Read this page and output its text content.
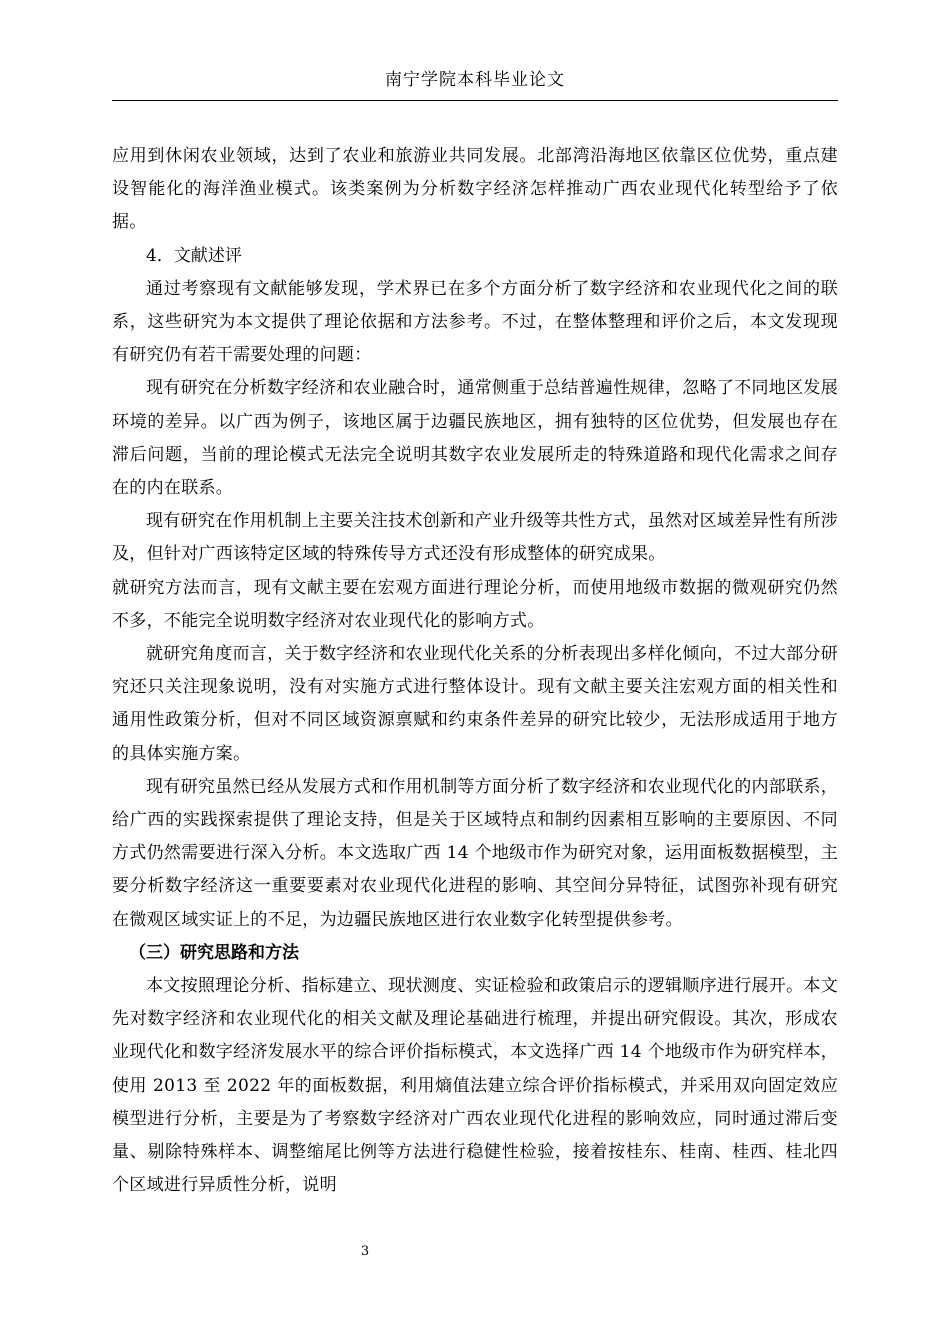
南宁学院本科毕业论文

应用到休闲农业领域，达到了农业和旅游业共同发展。北部湾沿海地区依靠区位优势，重点建设智能化的海洋渔业模式。该类案例为分析数字经济怎样推动广西农业现代化转型给予了依据。

4．文献述评

通过考察现有文献能够发现，学术界已在多个方面分析了数字经济和农业现代化之间的联系，这些研究为本文提供了理论依据和方法参考。不过，在整体整理和评价之后，本文发现现有研究仍有若干需要处理的问题：

现有研究在分析数字经济和农业融合时，通常侧重于总结普遍性规律，忽略了不同地区发展环境的差异。以广西为例子，该地区属于边疆民族地区，拥有独特的区位优势，但发展也存在滞后问题，当前的理论模式无法完全说明其数字农业发展所走的特殊道路和现代化需求之间存在的内在联系。

现有研究在作用机制上主要关注技术创新和产业升级等共性方式，虽然对区域差异性有所涉及，但针对广西该特定区域的特殊传导方式还没有形成整体的研究成果。

就研究方法而言，现有文献主要在宏观方面进行理论分析，而使用地级市数据的微观研究仍然不多，不能完全说明数字经济对农业现代化的影响方式。

就研究角度而言，关于数字经济和农业现代化关系的分析表现出多样化倾向，不过大部分研究还只关注现象说明，没有对实施方式进行整体设计。现有文献主要关注宏观方面的相关性和通用性政策分析，但对不同区域资源禀赋和约束条件差异的研究比较少，无法形成适用于地方的具体实施方案。

现有研究虽然已经从发展方式和作用机制等方面分析了数字经济和农业现代化的内部联系，给广西的实践探索提供了理论支持，但是关于区域特点和制约因素相互影响的主要原因、不同方式仍然需要进行深入分析。本文选取广西 14 个地级市作为研究对象，运用面板数据模型，主要分析数字经济这一重要要素对农业现代化进程的影响、其空间分异特征，试图弥补现有研究在微观区域实证上的不足，为边疆民族地区进行农业数字化转型提供参考。

（三）研究思路和方法

本文按照理论分析、指标建立、现状测度、实证检验和政策启示的逻辑顺序进行展开。本文先对数字经济和农业现代化的相关文献及理论基础进行梳理，并提出研究假设。其次，形成农业现代化和数字经济发展水平的综合评价指标模式，本文选择广西 14 个地级市作为研究样本，使用 2013 至 2022 年的面板数据，利用熵值法建立综合评价指标模式，并采用双向固定效应模型进行分析，主要是为了考察数字经济对广西农业现代化进程的影响效应，同时通过滞后变量、剔除特殊样本、调整缩尾比例等方法进行稳健性检验，接着按桂东、桂南、桂西、桂北四个区域进行异质性分析，说明

3
